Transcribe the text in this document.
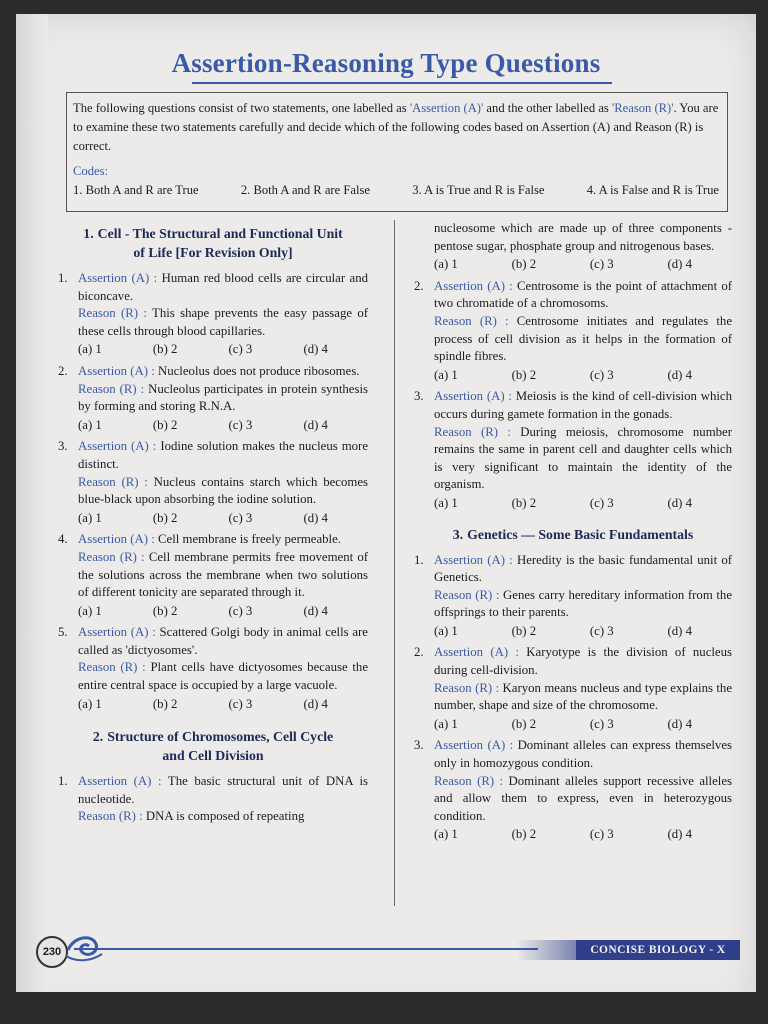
Assertion-Reasoning Type Questions
The following questions consist of two statements, one labelled as 'Assertion (A)' and the other labelled as 'Reason (R)'. You are to examine these two statements carefully and decide which of the following codes based on Assertion (A) and Reason (R) is correct.
Codes:
1. Both A and R are True	2. Both A and R are False	3. A is True and R is False	4. A is False and R is True
1. Cell - The Structural and Functional Unit
of Life [For Revision Only]
1. Assertion (A) : Human red blood cells are circular and biconcave.
Reason (R) : This shape prevents the easy passage of these cells through blood capillaries.
(a) 1	(b) 2	(c) 3	(d) 4
2. Assertion (A) : Nucleolus does not produce ribosomes.
Reason (R) : Nucleolus participates in protein synthesis by forming and storing R.N.A.
(a) 1	(b) 2	(c) 3	(d) 4
3. Assertion (A) : Iodine solution makes the nucleus more distinct.
Reason (R) : Nucleus contains starch which becomes blue-black upon absorbing the iodine solution.
(a) 1	(b) 2	(c) 3	(d) 4
4. Assertion (A) : Cell membrane is freely permeable.
Reason (R) : Cell membrane permits free movement of the solutions across the membrane when two solutions of different tonicity are separated through it.
(a) 1	(b) 2	(c) 3	(d) 4
5. Assertion (A) : Scattered Golgi body in animal cells are called as 'dictyosomes'.
Reason (R) : Plant cells have dictyosomes because the entire central space is occupied by a large vacuole.
(a) 1	(b) 2	(c) 3	(d) 4
2. Structure of Chromosomes, Cell Cycle
and Cell Division
1. Assertion (A) : The basic structural unit of DNA is nucleotide.
Reason (R) : DNA is composed of repeating
nucleosome which are made up of three components - pentose sugar, phosphate group and nitrogenous bases.
(a) 1	(b) 2	(c) 3	(d) 4
2. Assertion (A) : Centrosome is the point of attachment of two chromatide of a chromosoms.
Reason (R) : Centrosome initiates and regulates the process of cell division as it helps in the formation of spindle fibres.
(a) 1	(b) 2	(c) 3	(d) 4
3. Assertion (A) : Meiosis is the kind of cell-division which occurs during gamete formation in the gonads.
Reason (R) : During meiosis, chromosome number remains the same in parent cell and daughter cells which is very significant to maintain the identity of the organism.
(a) 1	(b) 2	(c) 3	(d) 4
3. Genetics — Some Basic Fundamentals
1. Assertion (A) : Heredity is the basic fundamental unit of Genetics.
Reason (R) : Genes carry hereditary information from the offsprings to their parents.
(a) 1	(b) 2	(c) 3	(d) 4
2. Assertion (A) : Karyotype is the division of nucleus during cell-division.
Reason (R) : Karyon means nucleus and type explains the number, shape and size of the chromosome.
(a) 1	(b) 2	(c) 3	(d) 4
3. Assertion (A) : Dominant alleles can express themselves only in homozygous condition.
Reason (R) : Dominant alleles support recessive alleles and allow them to express, even in heterozygous condition.
(a) 1	(b) 2	(c) 3	(d) 4
230	CONCISE BIOLOGY - X
